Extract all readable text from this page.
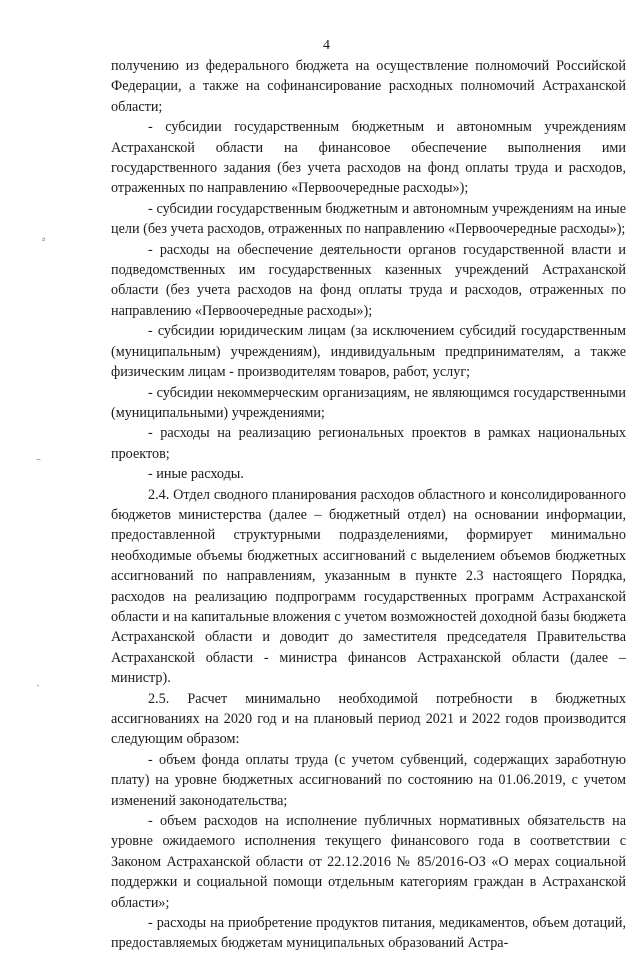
4

получению из федерального бюджета на осуществление полномочий Российской Федерации, а также на софинансирование расходных полномочий Астраханской области;

- субсидии государственным бюджетным и автономным учреждениям Астраханской области на финансовое обеспечение выполнения ими государственного задания (без учета расходов на фонд оплаты труда и расходов, отраженных по направлению «Первоочередные расходы»);

- субсидии государственным бюджетным и автономным учреждениям на иные цели (без учета расходов, отраженных по направлению «Первоочередные расходы»);

- расходы на обеспечение деятельности органов государственной власти и подведомственных им государственных казенных учреждений Астраханской области (без учета расходов на фонд оплаты труда и расходов, отраженных по направлению «Первоочередные расходы»);

- субсидии юридическим лицам (за исключением субсидий государственным (муниципальным) учреждениям), индивидуальным предпринимателям, а также физическим лицам - производителям товаров, работ, услуг;

- субсидии некоммерческим организациям, не являющимся государственными (муниципальными) учреждениями;

- расходы на реализацию региональных проектов в рамках национальных проектов;

- иные расходы.

2.4. Отдел сводного планирования расходов областного и консолидированного бюджетов министерства (далее – бюджетный отдел) на основании информации, предоставленной структурными подразделениями, формирует минимально необходимые объемы бюджетных ассигнований с выделением объемов бюджетных ассигнований по направлениям, указанным в пункте 2.3 настоящего Порядка, расходов на реализацию подпрограмм государственных программ Астраханской области и на капитальные вложения с учетом возможностей доходной базы бюджета Астраханской области и доводит до заместителя председателя Правительства Астраханской области - министра финансов Астраханской области (далее – министр).

2.5. Расчет минимально необходимой потребности в бюджетных ассигнованиях на 2020 год и на плановый период 2021 и 2022 годов производится следующим образом:

- объем фонда оплаты труда (с учетом субвенций, содержащих заработную плату) на уровне бюджетных ассигнований по состоянию на 01.06.2019, с учетом изменений законодательства;

- объем расходов на исполнение публичных нормативных обязательств на уровне ожидаемого исполнения текущего финансового года в соответствии с Законом Астраханской области от 22.12.2016 № 85/2016-ОЗ «О мерах социальной поддержки и социальной помощи отдельным категориям граждан в Астраханской области»;

- расходы на приобретение продуктов питания, медикаментов, объем дотаций, предоставляемых бюджетам муниципальных образований Астра-

⸗
–
ˎ
